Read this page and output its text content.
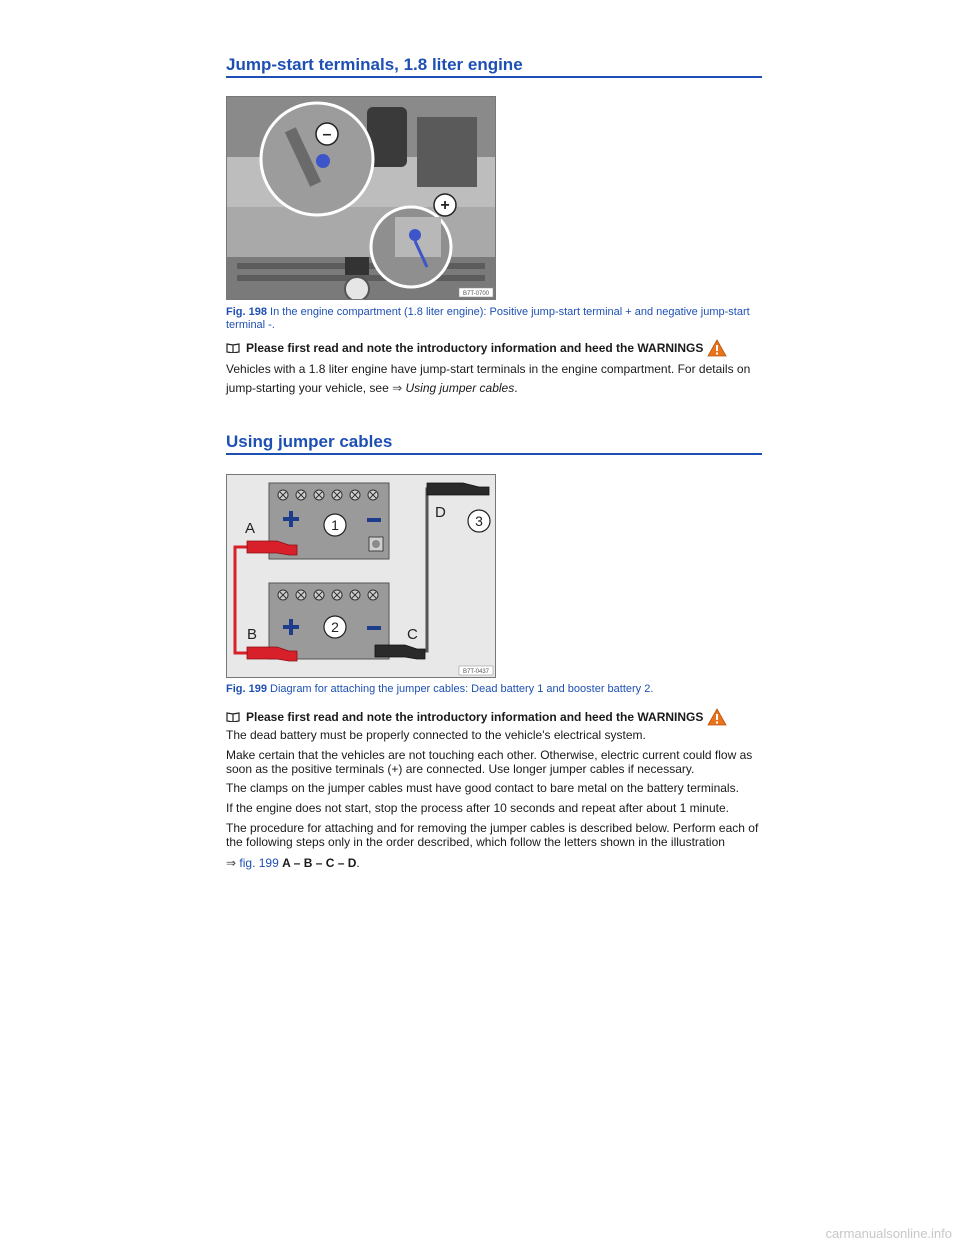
Jump-start terminals, 1.8 liter engine
–
+
B7T-0700
Fig. 198 In the engine compartment (1.8 liter engine): Positive jump-start terminal + and negative jump-start terminal -.
Please first read and note the introductory information and heed the WARNINGS
Vehicles with a 1.8 liter engine have jump-start terminals in the engine compartment. For details on jump-starting your vehicle, see ⇒ Using jumper cables.
Using jumper cables
A
B	C
D
1
2
3
B7T-0437
Fig. 199 Diagram for attaching the jumper cables: Dead battery 1 and booster battery 2.
Please first read and note the introductory information and heed the WARNINGS
The dead battery must be properly connected to the vehicle's electrical system.
Make certain that the vehicles are not touching each other. Otherwise, electric current could flow as soon as the positive terminals (+) are connected. Use longer jumper cables if necessary.
The clamps on the jumper cables must have good contact to bare metal on the battery terminals.
If the engine does not start, stop the process after 10 seconds and repeat after about 1 minute.
The procedure for attaching and for removing the jumper cables is described below. Perform each of the following steps only in the order described, which follow the letters shown in the illustration
⇒ fig. 199 A – B – C – D.
carmanualsonline.info
